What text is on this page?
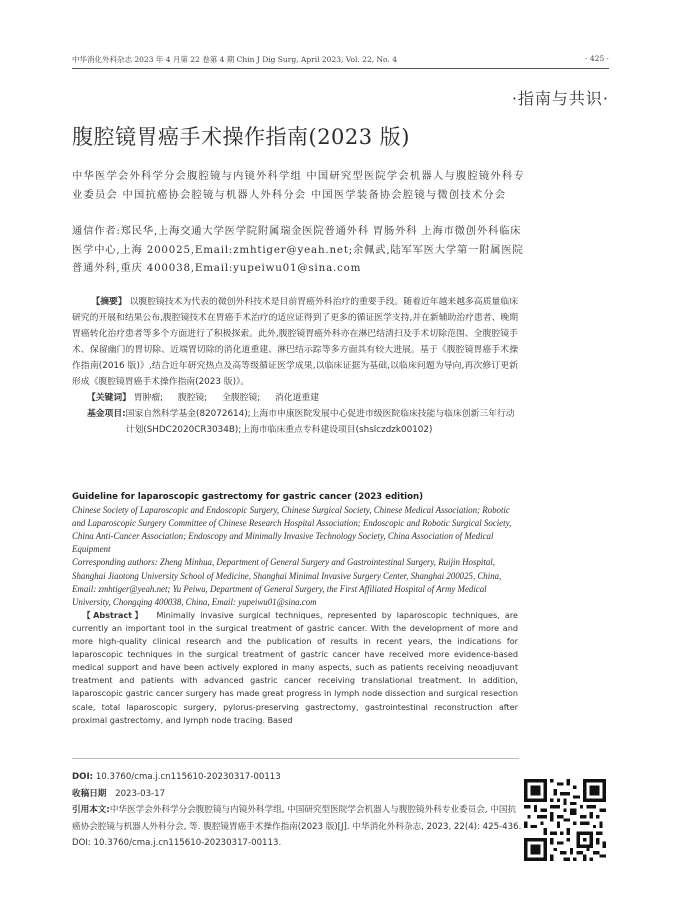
中华消化外科杂志 2023 年 4 月第 22 卷第 4 期 Chin J Dig Surg, April 2023, Vol. 22, No. 4	· 425 ·
·指南与共识·
腹腔镜胃癌手术操作指南(2023 版)
中华医学会外科学分会腹腔镜与内镜外科学组 中国研究型医院学会机器人与腹腔镜外科专业委员会 中国抗癌协会腔镜与机器人外科分会 中国医学装备协会腔镜与微创技术分会
通信作者:郑民华,上海交通大学医学院附属瑞金医院普通外科 胃肠外科 上海市微创外科临床医学中心,上海 200025,Email:zmhtiger@yeah.net;余佩武,陆军军医大学第一附属医院普通外科,重庆 400038,Email:yupeiwu01@sina.com
【摘要】 以腹腔镜技术为代表的微创外科技术是目前胃癌外科治疗的重要手段。随着近年越来越多高质量临床研究的开展和结果公布,腹腔镜技术在胃癌手术治疗的适应证得到了更多的循证医学支持,并在新辅助治疗患者、晚期胃癌转化治疗患者等多个方面进行了积极探索。此外,腹腔镜胃癌外科亦在淋巴结清扫及手术切除范围、全腹腔镜手术、保留幽门的胃切除、近端胃切除的消化道重建、淋巴结示踪等多方面具有较大进展。基于《腹腔镜胃癌手术操作指南(2016 版)》,结合近年研究热点及高等级循证医学成果,以临床证据为基础,以临床问题为导向,再次修订更新形成《腹腔镜胃癌手术操作指南(2023 版)》。
【关键词】 胃肿瘤; 腹腔镜; 全腹腔镜; 消化道重建
基金项目: 国家自然科学基金(82072614);上海市申康医院发展中心促进市级医院临床技能与临床创新三年行动计划(SHDC2020CR3034B);上海市临床重点专科建设项目(shslczdzk00102)
Guideline for laparoscopic gastrectomy for gastric cancer (2023 edition)
Chinese Society of Laparoscopic and Endoscopic Surgery, Chinese Surgical Society, Chinese Medical Association; Robotic and Laparoscopic Surgery Committee of Chinese Research Hospital Association; Endoscopic and Robotic Surgical Society, China Anti-Cancer Association; Endoscopy and Minimally Invasive Technology Society, China Association of Medical Equipment
Corresponding authors: Zheng Minhua, Department of General Surgery and Gastrointestinal Surgery, Ruijin Hospital, Shanghai Jiaotong University School of Medicine, Shanghai Minimal Invasive Surgery Center, Shanghai 200025, China, Email: zmhtiger@yeah.net; Yu Peiwu, Department of General Surgery, the First Affiliated Hospital of Army Medical University, Chongqing 400038, China, Email: yupeiwu01@sina.com
【Abstract】 Minimally invasive surgical techniques, represented by laparoscopic techniques, are currently an important tool in the surgical treatment of gastric cancer. With the development of more and more high-quality clinical research and the publication of results in recent years, the indications for laparoscopic techniques in the surgical treatment of gastric cancer have received more evidence-based medical support and have been actively explored in many aspects, such as patients receiving neoadjuvant treatment and patients with advanced gastric cancer receiving translational treatment. In addition, laparoscopic gastric cancer surgery has made great progress in lymph node dissection and surgical resection scale, total laparoscopic surgery, pylorus-preserving gastrectomy, gastrointestinal reconstruction after proximal gastrectomy, and lymph node tracing. Based
DOI: 10.3760/cma.j.cn115610-20230317-00113
收稿日期 2023-03-17
引用本文:中华医学会外科学分会腹腔镜与内镜外科学组, 中国研究型医院学会机器人与腹腔镜外科专业委员会, 中国抗癌协会腔镜与机器人外科分会, 等. 腹腔镜胃癌手术操作指南(2023 版)[J]. 中华消化外科杂志, 2023, 22(4): 425-436. DOI: 10.3760/cma.j.cn115610-20230317-00113.
